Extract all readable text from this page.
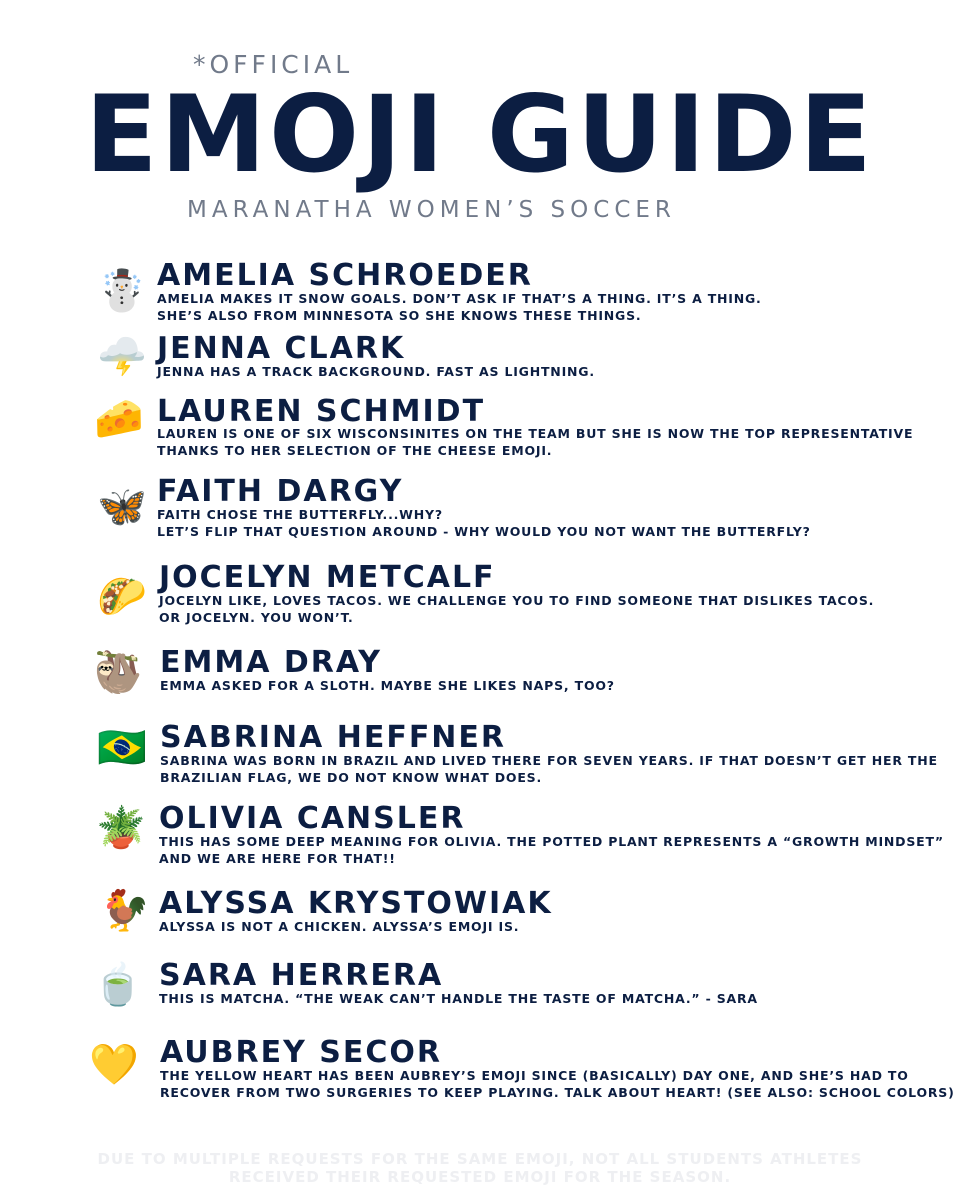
*OFFICIAL
EMOJI GUIDE
MARANATHA WOMEN’S SOCCER
☃️ AMELIA SCHROEDER
AMELIA MAKES IT SNOW GOALS. DON’T ASK IF THAT’S A THING. IT’S A THING.
SHE’S ALSO FROM MINNESOTA SO SHE KNOWS THESE THINGS.
🌩️ JENNA CLARK
JENNA HAS A TRACK BACKGROUND. FAST AS LIGHTNING.
🧀 LAUREN SCHMIDT
LAUREN IS ONE OF SIX WISCONSINITES ON THE TEAM BUT SHE IS NOW THE TOP REPRESENTATIVE
THANKS TO HER SELECTION OF THE CHEESE EMOJI.
🦋 FAITH DARGY
FAITH CHOSE THE BUTTERFLY...WHY?
LET’S FLIP THAT QUESTION AROUND - WHY WOULD YOU NOT WANT THE BUTTERFLY?
🌮 JOCELYN METCALF
JOCELYN LIKE, LOVES TACOS. WE CHALLENGE YOU TO FIND SOMEONE THAT DISLIKES TACOS.
OR JOCELYN. YOU WON’T.
🦥 EMMA DRAY
EMMA ASKED FOR A SLOTH. MAYBE SHE LIKES NAPS, TOO?
🇧🇷 SABRINA HEFFNER
SABRINA WAS BORN IN BRAZIL AND LIVED THERE FOR SEVEN YEARS. IF THAT DOESN’T GET HER THE
BRAZILIAN FLAG, WE DO NOT KNOW WHAT DOES.
🪴 OLIVIA CANSLER
THIS HAS SOME DEEP MEANING FOR OLIVIA. THE POTTED PLANT REPRESENTS A “GROWTH MINDSET”
AND WE ARE HERE FOR THAT!!
🐓 ALYSSA KRYSTOWIAK
ALYSSA IS NOT A CHICKEN. ALYSSA’S EMOJI IS.
🍵 SARA HERRERA
THIS IS MATCHA. “THE WEAK CAN’T HANDLE THE TASTE OF MATCHA.” - SARA
💛 AUBREY SECOR
THE YELLOW HEART HAS BEEN AUBREY’S EMOJI SINCE (BASICALLY) DAY ONE, AND SHE’S HAD TO
RECOVER FROM TWO SURGERIES TO KEEP PLAYING. TALK ABOUT HEART! (SEE ALSO: SCHOOL COLORS)
DUE TO MULTIPLE REQUESTS FOR THE SAME EMOJI, NOT ALL STUDENTS ATHLETES
RECEIVED THEIR REQUESTED EMOJI FOR THE SEASON.
